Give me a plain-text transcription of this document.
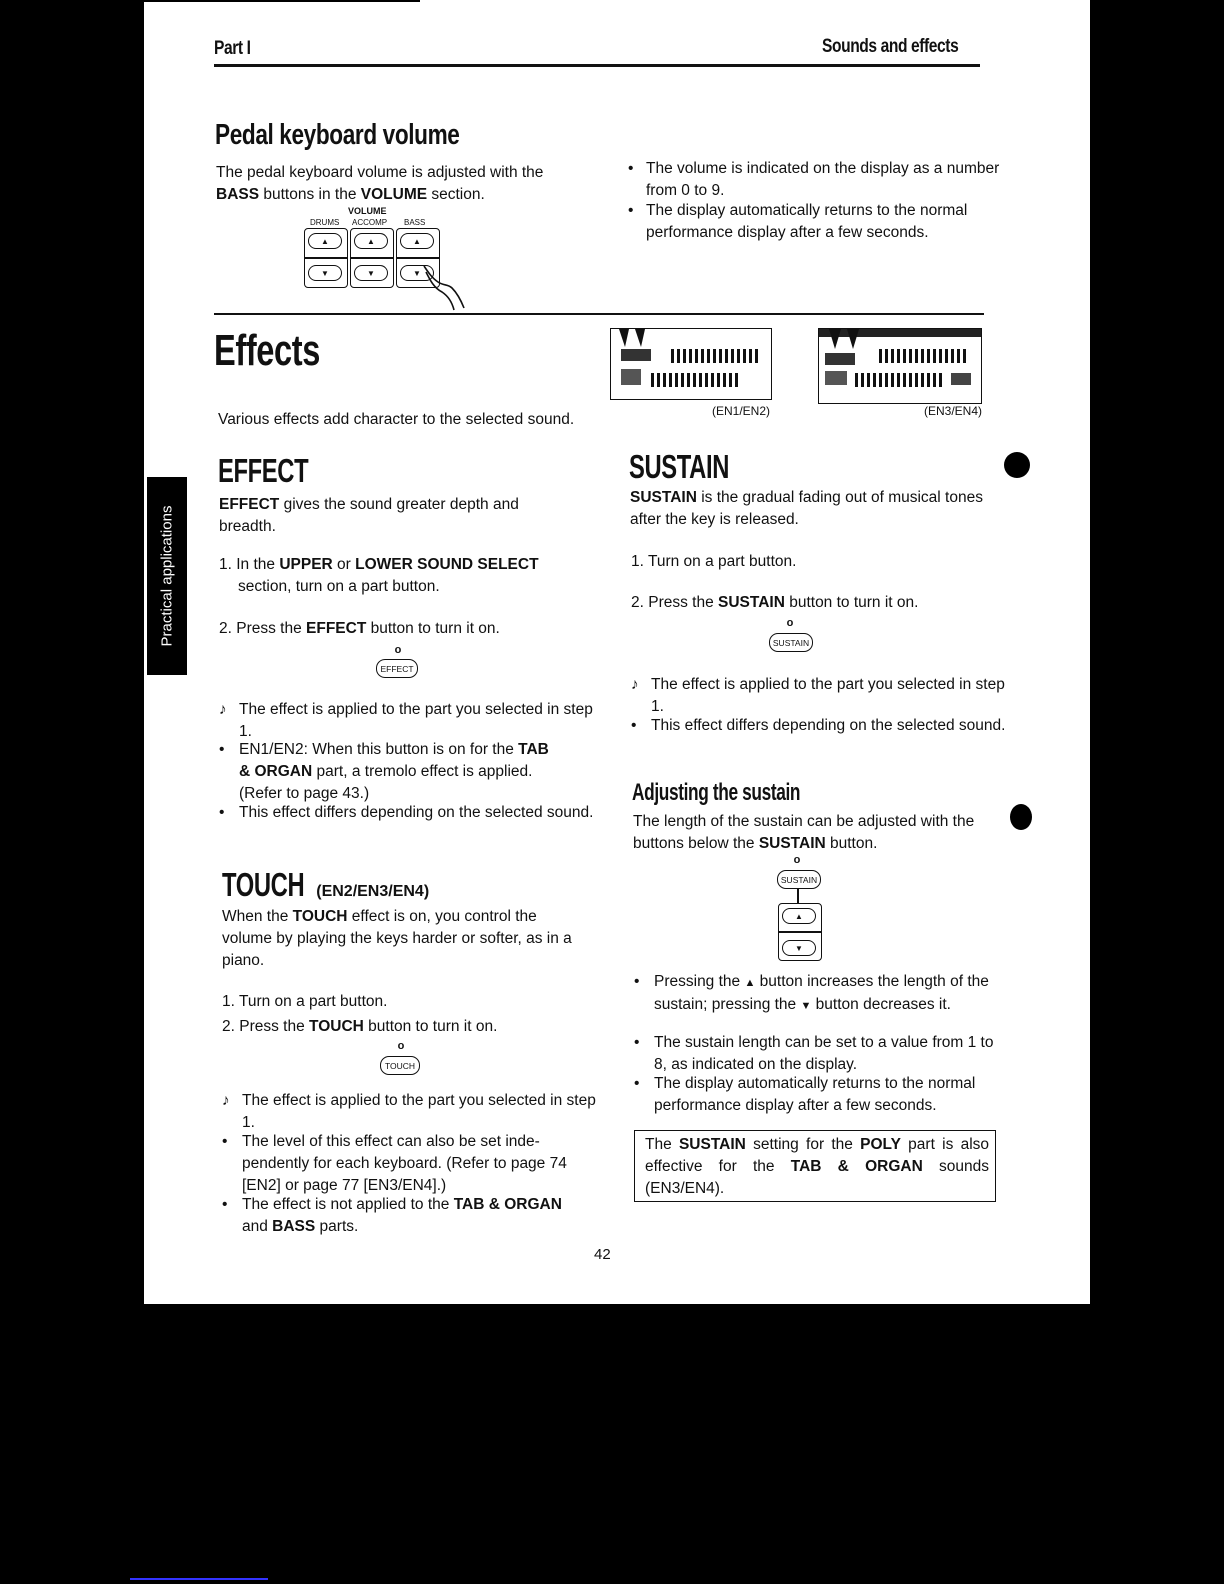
Practical applications
Part I	Sounds and effects
Pedal keyboard volume
The pedal keyboard volume is adjusted with the
BASS buttons in the VOLUME section.
VOLUME
DRUMS ACCOMP BASS
▲
▼
▲
▼
▲
▼
• The volume is indicated on the display as a number from 0 to 9.
• The display automatically returns to the normal performance display after a few seconds.
Effects
Various effects add character to the selected sound.	(EN1/EN2)	(EN3/EN4)
EFFECT
EFFECT gives the sound greater depth and breadth.
1. In the UPPER or LOWER SOUND SELECT
section, turn on a part button.
2. Press the EFFECT button to turn it on.
o
EFFECT
♪ The effect is applied to the part you selected in step 1.
• EN1/EN2: When this button is on for the TAB
& ORGAN part, a tremolo effect is applied.
(Refer to page 43.)
• This effect differs depending on the selected sound.
TOUCH (EN2/EN3/EN4)
When the TOUCH effect is on, you control the volume by playing the keys harder or softer, as in a piano.
1. Turn on a part button.
2. Press the TOUCH button to turn it on.
o
TOUCH
♪ The effect is applied to the part you selected in step 1.
• The level of this effect can also be set inde-pendently for each keyboard. (Refer to page 74 [EN2] or page 77 [EN3/EN4].)
• The effect is not applied to the TAB & ORGAN
and BASS parts.
SUSTAIN
SUSTAIN is the gradual fading out of musical tones after the key is released.
1. Turn on a part button.
2. Press the SUSTAIN button to turn it on.
o
SUSTAIN
♪ The effect is applied to the part you selected in step 1.
• This effect differs depending on the selected sound.
Adjusting the sustain
The length of the sustain can be adjusted with the buttons below the SUSTAIN button.
o
SUSTAIN
▲
▼
• Pressing the ▲ button increases the length of the sustain; pressing the ▼ button decreases it.
• The sustain length can be set to a value from 1 to 8, as indicated on the display.
• The display automatically returns to the normal performance display after a few seconds.
The SUSTAIN setting for the POLY part is also effective for the TAB & ORGAN sounds (EN3/EN4).
42
